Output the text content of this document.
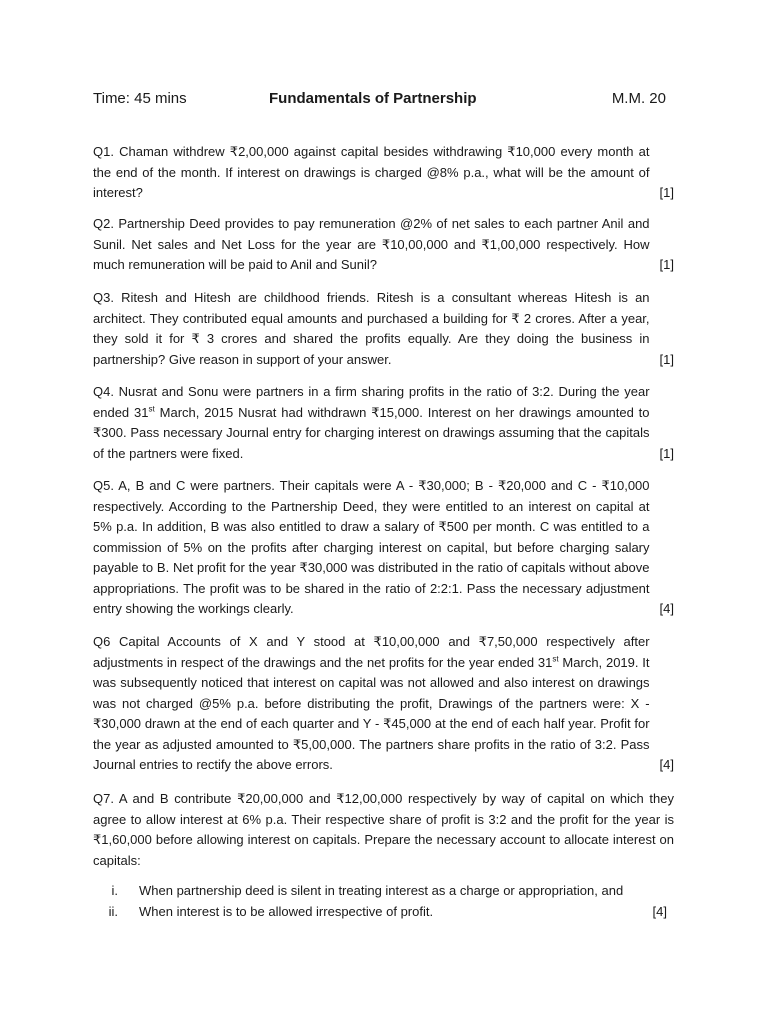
Time: 45 mins	Fundamentals of Partnership	M.M. 20

[1]
Q1. Chaman withdrew ₹2,00,000 against capital besides withdrawing ₹10,000 every month at the end of the month. If interest on drawings is charged @8% p.a., what will be the amount of interest?

[1]
Q2. Partnership Deed provides to pay remuneration @2% of net sales to each partner Anil and Sunil. Net sales and Net Loss for the year are ₹10,00,000 and ₹1,00,000 respectively. How much remuneration will be paid to Anil and Sunil?

[1]
Q3. Ritesh and Hitesh are childhood friends. Ritesh is a consultant whereas Hitesh is an architect. They contributed equal amounts and purchased a building for ₹ 2 crores. After a year, they sold it for ₹ 3 crores and shared the profits equally. Are they doing the business in partnership? Give reason in support of your answer.

[1]
Q4. Nusrat and Sonu were partners in a firm sharing profits in the ratio of 3:2. During the year ended 31st March, 2015 Nusrat had withdrawn ₹15,000. Interest on her drawings amounted to ₹300. Pass necessary Journal entry for charging interest on drawings assuming that the capitals of the partners were fixed.

[4]
Q5. A, B and C were partners. Their capitals were A - ₹30,000; B - ₹20,000 and C - ₹10,000 respectively. According to the Partnership Deed, they were entitled to an interest on capital at 5% p.a. In addition, B was also entitled to draw a salary of ₹500 per month. C was entitled to a commission of 5% on the profits after charging interest on capital, but before charging salary payable to B. Net profit for the year ₹30,000 was distributed in the ratio of capitals without above appropriations. The profit was to be shared in the ratio of 2:2:1. Pass the necessary adjustment entry showing the workings clearly.

[4]
Q6 Capital Accounts of X and Y stood at ₹10,00,000 and ₹7,50,000 respectively after adjustments in respect of the drawings and the net profits for the year ended 31st March, 2019. It was subsequently noticed that interest on capital was not allowed and also interest on drawings was not charged @5% p.a. before distributing the profit, Drawings of the partners were: X - ₹30,000 drawn at the end of each quarter and Y - ₹45,000 at the end of each half year. Profit for the year as adjusted amounted to ₹5,00,000. The partners share profits in the ratio of 3:2. Pass Journal entries to rectify the above errors.

Q7. A and B contribute ₹20,00,000 and ₹12,00,000 respectively by way of capital on which they agree to allow interest at 6% p.a. Their respective share of profit is 3:2 and the profit for the year is ₹1,60,000 before allowing interest on capitals. Prepare the necessary account to allocate interest on capitals:

i. When partnership deed is silent in treating interest as a charge or appropriation, and
ii. When interest is to be allowed irrespective of profit.	[4]
